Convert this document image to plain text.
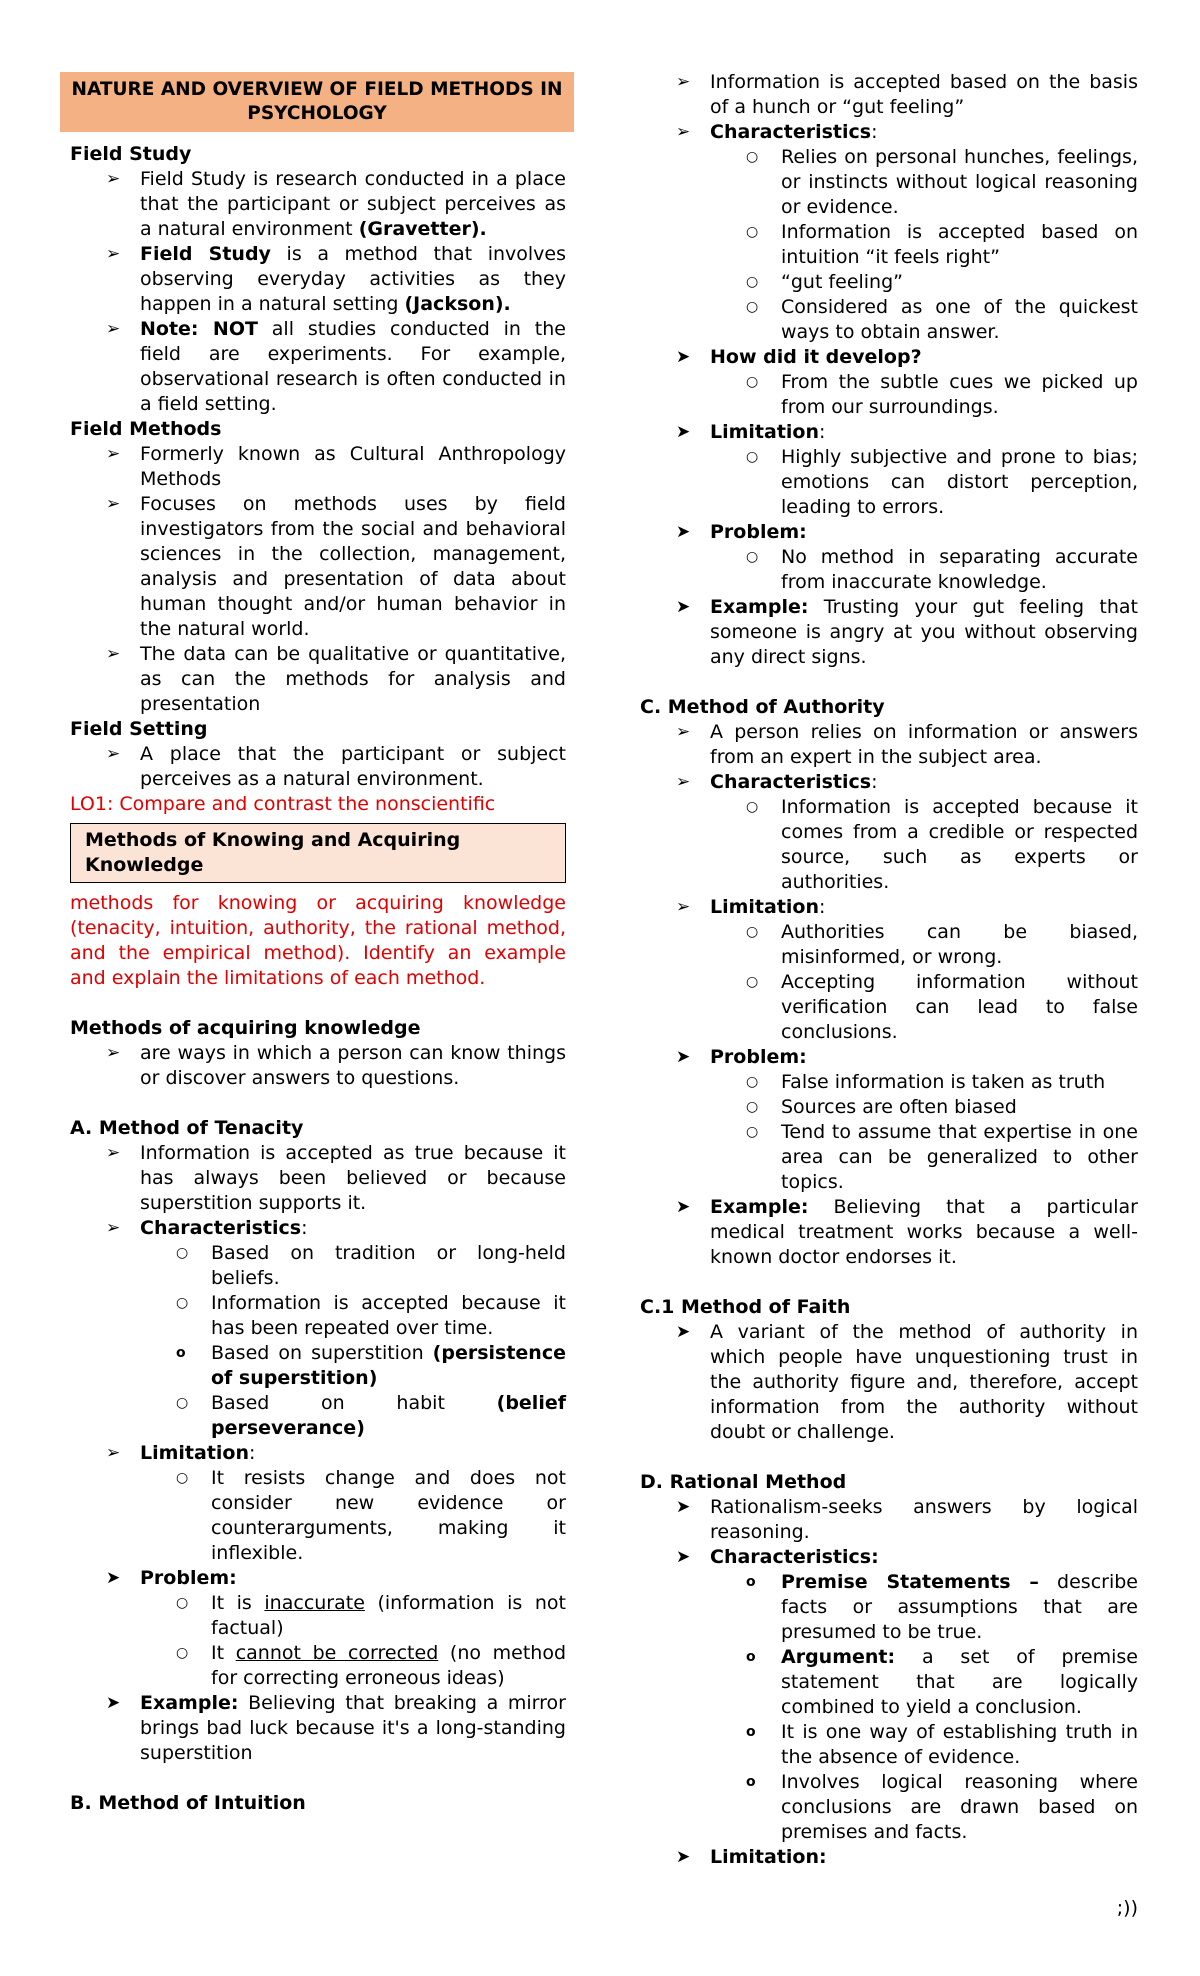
NATURE AND OVERVIEW OF FIELD METHODS IN PSYCHOLOGY

Field Study

➢ Field Study is research conducted in a place that the participant or subject perceives as a natural environment (Gravetter).
➢ Field Study is a method that involves observing everyday activities as they happen in a natural setting (Jackson).
➢ Note: NOT all studies conducted in the field are experiments. For example, observational research is often conducted in a field setting.

Field Methods

➢ Formerly known as Cultural Anthropology Methods
➢ Focuses on methods uses by field investigators from the social and behavioral sciences in the collection, management, analysis and presentation of data about human thought and/or human behavior in the natural world.
➢ The data can be qualitative or quantitative, as can the methods for analysis and presentation

Field Setting

➢ A place that the participant or subject perceives as a natural environment.

LO1: Compare and contrast the nonscientific

Methods of Knowing and Acquiring Knowledge

methods for knowing or acquiring knowledge (tenacity, intuition, authority, the rational method, and the empirical method). Identify an example and explain the limitations of each method.

Methods of acquiring knowledge

➢ are ways in which a person can know things or discover answers to questions.

A. Method of Tenacity

➢ Information is accepted as true because it has always been believed or because superstition supports it.
➢ Characteristics:
○ Based on tradition or long-held beliefs.
○ Information is accepted because it has been repeated over time.
o Based on superstition (persistence of superstition)
○ Based on habit (belief perseverance)
➢ Limitation:
○ It resists change and does not consider new evidence or counterarguments, making it inflexible.
➤ Problem:
○ It is inaccurate (information is not factual)
○ It cannot be corrected (no method for correcting erroneous ideas)
➤ Example: Believing that breaking a mirror brings bad luck because it's a long-standing superstition

B. Method of Intuition

➢ Information is accepted based on the basis of a hunch or “gut feeling”
➢ Characteristics:
○ Relies on personal hunches, feelings, or instincts without logical reasoning or evidence.
○ Information is accepted based on intuition “it feels right”
○ “gut feeling”
○ Considered as one of the quickest ways to obtain answer.
➤ How did it develop?
○ From the subtle cues we picked up from our surroundings.
➤ Limitation:
○ Highly subjective and prone to bias; emotions can distort perception, leading to errors.
➤ Problem:
○ No method in separating accurate from inaccurate knowledge.
➤ Example: Trusting your gut feeling that someone is angry at you without observing any direct signs.

C. Method of Authority

➢ A person relies on information or answers from an expert in the subject area.
➢ Characteristics:
○ Information is accepted because it comes from a credible or respected source, such as experts or authorities.
➢ Limitation:
○ Authorities can be biased, misinformed, or wrong.
○ Accepting information without verification can lead to false conclusions.
➤ Problem:
○ False information is taken as truth
○ Sources are often biased
○ Tend to assume that expertise in one area can be generalized to other topics.
➤ Example: Believing that a particular medical treatment works because a well-known doctor endorses it.

C.1 Method of Faith

➤ A variant of the method of authority in which people have unquestioning trust in the authority figure and, therefore, accept information from the authority without doubt or challenge.

D. Rational Method

➤ Rationalism-seeks answers by logical reasoning.
➤ Characteristics:
o Premise Statements – describe facts or assumptions that are presumed to be true.
o Argument: a set of premise statement that are logically combined to yield a conclusion.
o It is one way of establishing truth in the absence of evidence.
o Involves logical reasoning where conclusions are drawn based on premises and facts.
➤ Limitation:
;))
